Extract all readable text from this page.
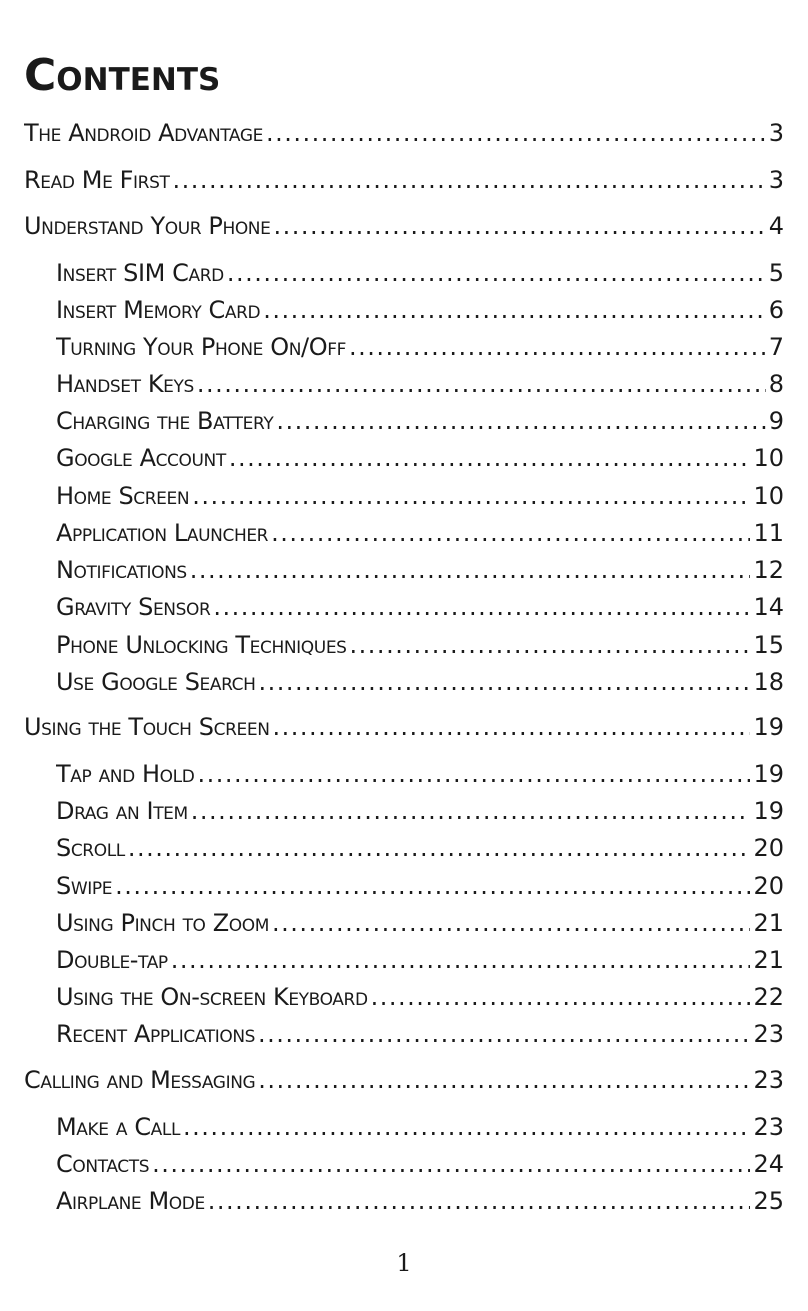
Contents
The Android Advantage .....	3
Read Me First .....	3
Understand Your Phone .....	4
Insert SIM Card .....	5
Insert Memory Card .....	6
Turning Your Phone On/Off .....	7
Handset Keys .....	8
Charging the Battery .....	9
Google Account .....	10
Home Screen .....	10
Application Launcher .....	11
Notifications .....	12
Gravity Sensor .....	14
Phone Unlocking Techniques .....	15
Use Google Search .....	18
Using the Touch Screen .....	19
Tap and Hold .....	19
Drag an Item .....	19
Scroll .....	20
Swipe .....	20
Using Pinch to Zoom .....	21
Double-tap .....	21
Using the On-screen Keyboard .....	22
Recent Applications .....	23
Calling and Messaging .....	23
Make a Call .....	23
Contacts .....	24
Airplane Mode .....	25
1
